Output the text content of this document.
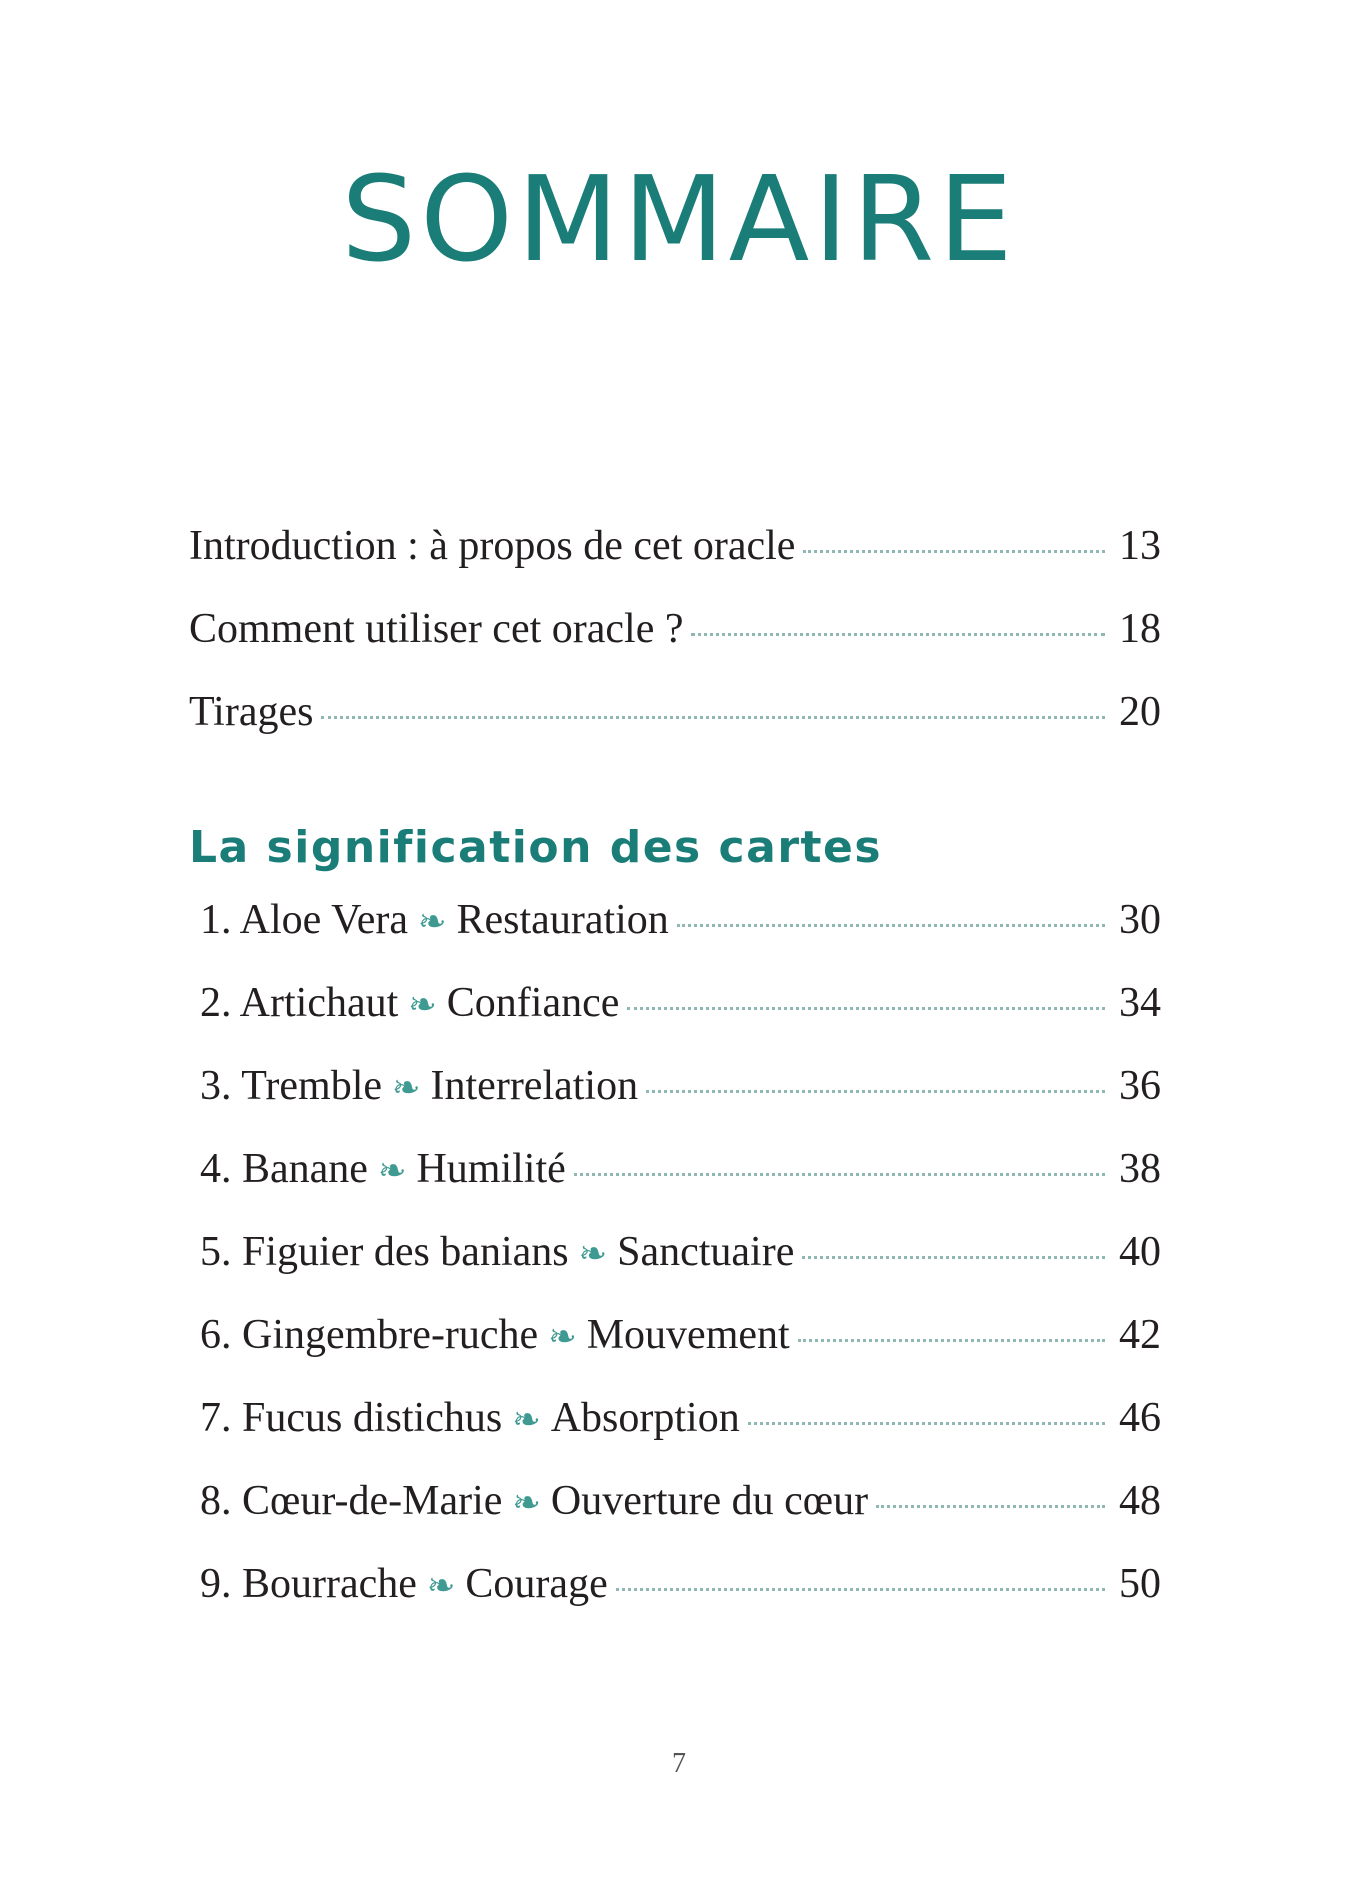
SOMMAIRE
Introduction : à propos de cet oracle	13
Comment utiliser cet oracle ?	18
Tirages	20
La signification des cartes
1. Aloe Vera ❧ Restauration	30
2. Artichaut ❧ Confiance	34
3. Tremble ❧ Interrelation	36
4. Banane ❧ Humilité	38
5. Figuier des banians ❧ Sanctuaire	40
6. Gingembre-ruche ❧ Mouvement	42
7. Fucus distichus ❧ Absorption	46
8. Cœur-de-Marie ❧ Ouverture du cœur	48
9. Bourrache ❧ Courage	50
7
